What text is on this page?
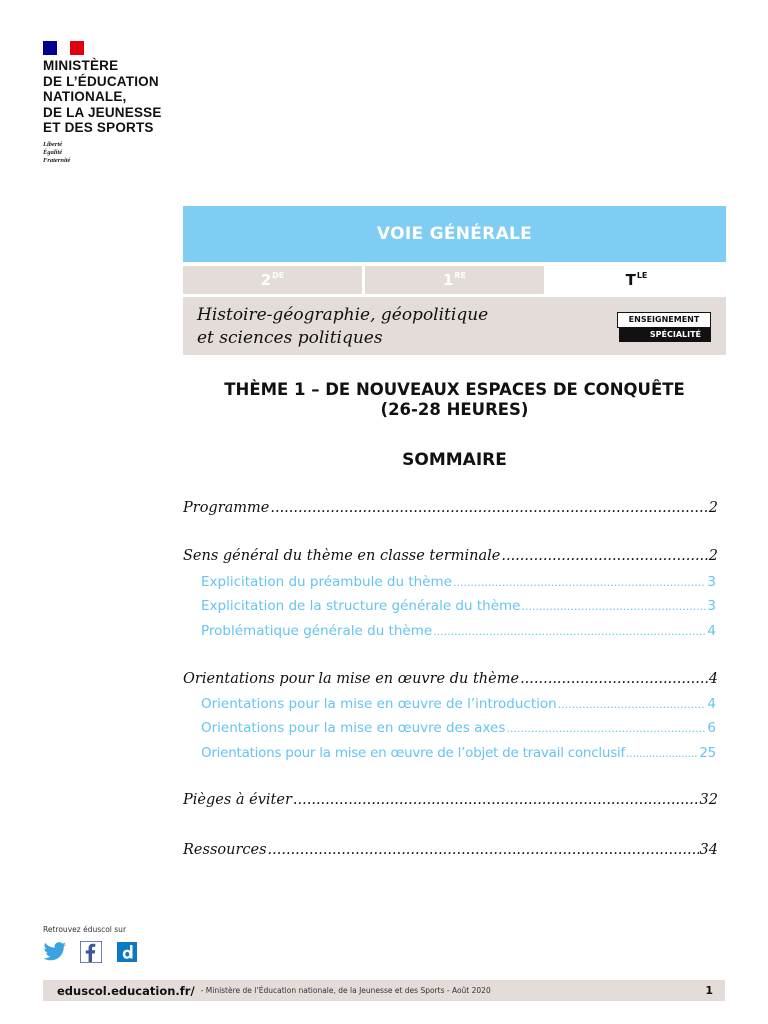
MINISTÈRE
DE L’ÉDUCATION
NATIONALE,
DE LA JEUNESSE
ET DES SPORTS
Liberté
Égalité
Fraternité
VOIE GÉNÉRALE
2DE	1RE	$T^{LE}$
Histoire-géographie, géopolitique
et sciences politiques
ENSEIGNEMENT
SPÉCIALITÉ
THÈME 1 – DE NOUVEAUX ESPACES DE CONQUÊTE
(26-28 HEURES)
SOMMAIRE
Programme .....	2
Sens général du thème en classe terminale .....	2
Explicitation du préambule du thème .....	3
Explicitation de la structure générale du thème .....	3
Problématique générale du thème .....	4
Orientations pour la mise en œuvre du thème .....	4
Orientations pour la mise en œuvre de l’introduction .....	4
Orientations pour la mise en œuvre des axes .....	6
Orientations pour la mise en œuvre de l’objet de travail conclusif .....	25
Pièges à éviter .....	32
Ressources .....	34
Retrouvez éduscol sur
eduscol.education.fr/ - Ministère de l’Éducation nationale, de la Jeunesse et des Sports - Août 2020	1
